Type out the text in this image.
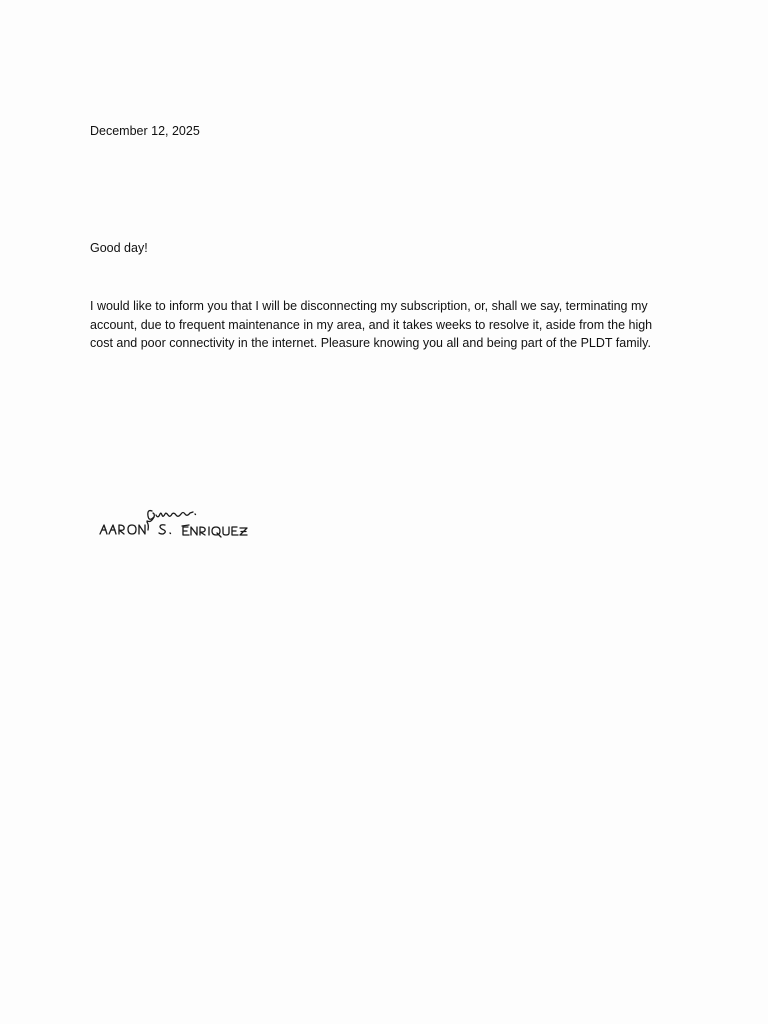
December 12, 2025
Good day!
I would like to inform you that I will be disconnecting my subscription, or, shall we say, terminating my account, due to frequent maintenance in my area, and it takes weeks to resolve it, aside from the high cost and poor connectivity in the internet. Pleasure knowing you all and being part of the PLDT family.
